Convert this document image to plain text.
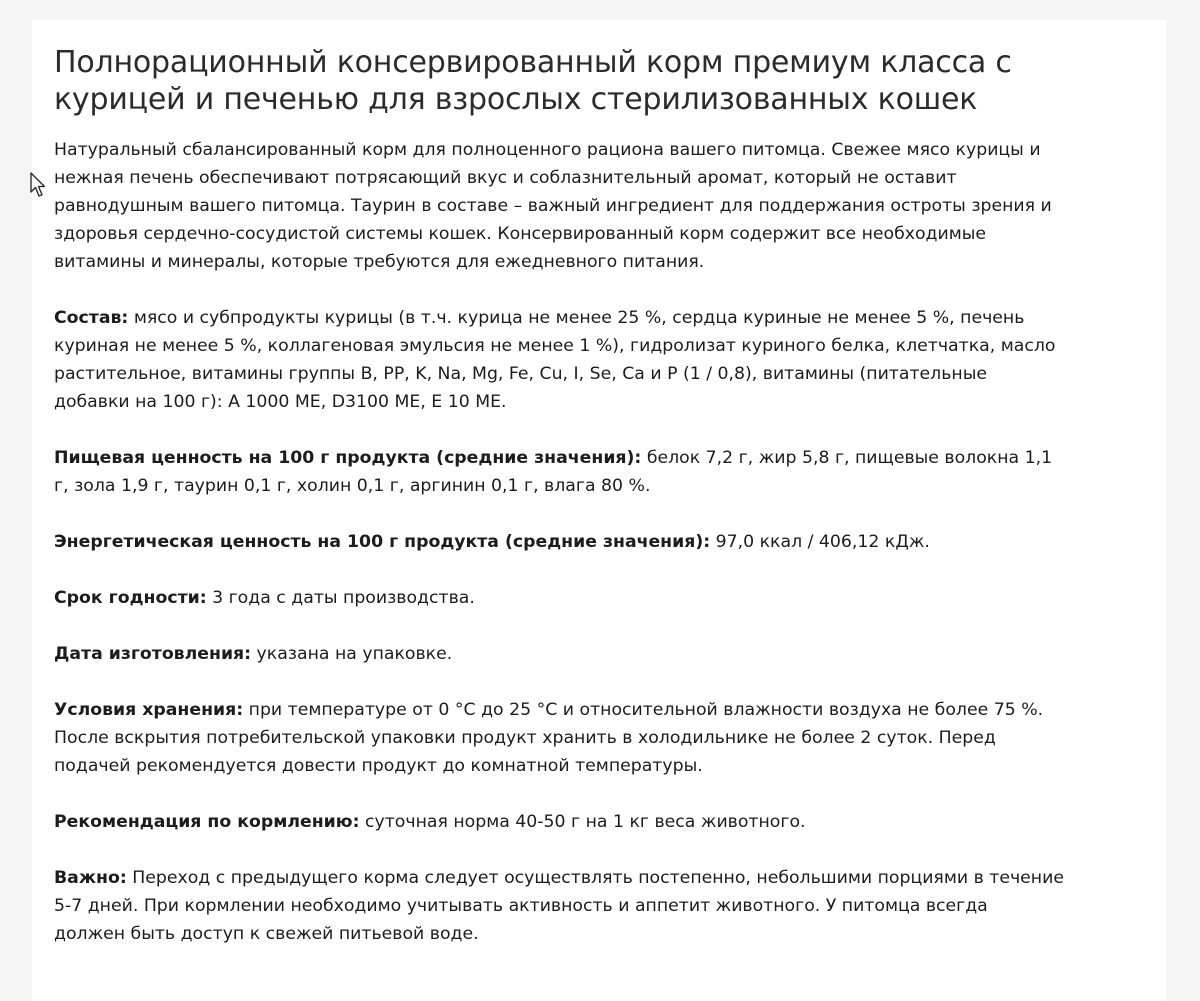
Полнорационный консервированный корм премиум класса с курицей и печенью для взрослых стерилизованных кошек

Натуральный сбалансированный корм для полноценного рациона вашего питомца. Свежее мясо курицы и нежная печень обеспечивают потрясающий вкус и соблазнительный аромат, который не оставит равнодушным вашего питомца. Таурин в составе – важный ингредиент для поддержания остроты зрения и здоровья сердечно-сосудистой системы кошек. Консервированный корм содержит все необходимые витамины и минералы, которые требуются для ежедневного питания.

Состав: мясо и субпродукты курицы (в т.ч. курица не менее 25 %, сердца куриные не менее 5 %, печень куриная не менее 5 %, коллагеновая эмульсия не менее 1 %), гидролизат куриного белка, клетчатка, масло растительное, витамины группы B, PP, K, Na, Mg, Fe, Cu, I, Se, Ca и P (1 / 0,8), витамины (питательные добавки на 100 г): A 1000 ME, D3100 ME, E 10 ME.

Пищевая ценность на 100 г продукта (средние значения): белок 7,2 г, жир 5,8 г, пищевые волокна 1,1 г, зола 1,9 г, таурин 0,1 г, холин 0,1 г, аргинин 0,1 г, влага 80 %.

Энергетическая ценность на 100 г продукта (средние значения): 97,0 ккал / 406,12 кДж.

Срок годности: 3 года с даты производства.

Дата изготовления: указана на упаковке.

Условия хранения: при температуре от 0 °C до 25 °C и относительной влажности воздуха не более 75 %. После вскрытия потребительской упаковки продукт хранить в холодильнике не более 2 суток. Перед подачей рекомендуется довести продукт до комнатной температуры.

Рекомендация по кормлению: суточная норма 40-50 г на 1 кг веса животного.

Важно: Переход с предыдущего корма следует осуществлять постепенно, небольшими порциями в течение 5-7 дней. При кормлении необходимо учитывать активность и аппетит животного. У питомца всегда должен быть доступ к свежей питьевой воде.
